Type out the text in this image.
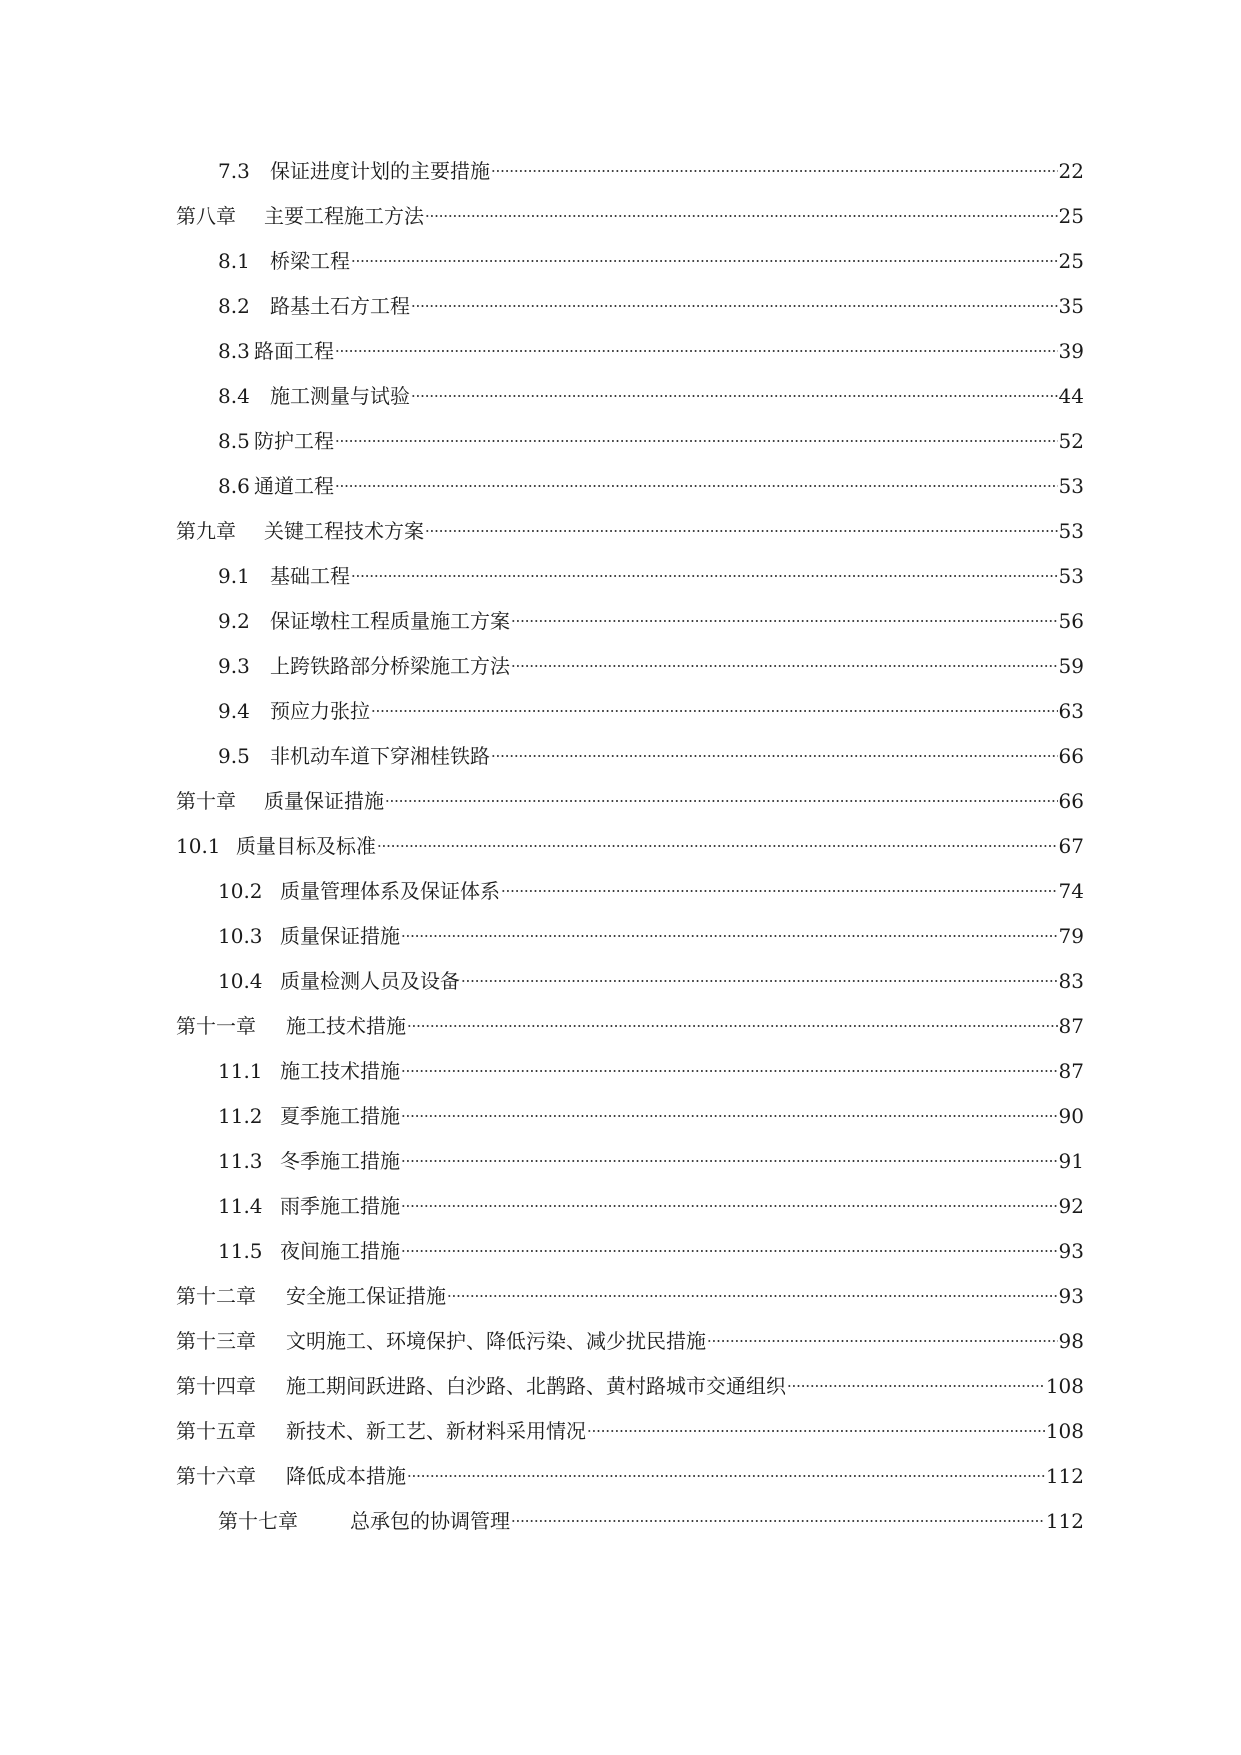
7.3	保证进度计划的主要措施	22
第八章	主要工程施工方法	25
8.1	桥梁工程	25
8.2	路基土石方工程	35
8.3 路面工程	39
8.4	施工测量与试验	44
8.5 防护工程	52
8.6 通道工程	53
第九章	关键工程技术方案	53
9.1	基础工程	53
9.2	保证墩柱工程质量施工方案	56
9.3	上跨铁路部分桥梁施工方法	59
9.4	预应力张拉	63
9.5	非机动车道下穿湘桂铁路	66
第十章	质量保证措施	66
10.1 质量目标及标准	67
10.2 质量管理体系及保证体系	74
10.3 质量保证措施	79
10.4 质量检测人员及设备	83
第十一章	施工技术措施	87
11.1 施工技术措施	87
11.2 夏季施工措施	90
11.3 冬季施工措施	91
11.4 雨季施工措施	92
11.5 夜间施工措施	93
第十二章	安全施工保证措施	93
第十三章	文明施工、环境保护、降低污染、减少扰民措施	98
第十四章	施工期间跃进路、白沙路、北鹊路、黄村路城市交通组织	108
第十五章	新技术、新工艺、新材料采用情况	108
第十六章	降低成本措施	112
第十七章	总承包的协调管理	112
